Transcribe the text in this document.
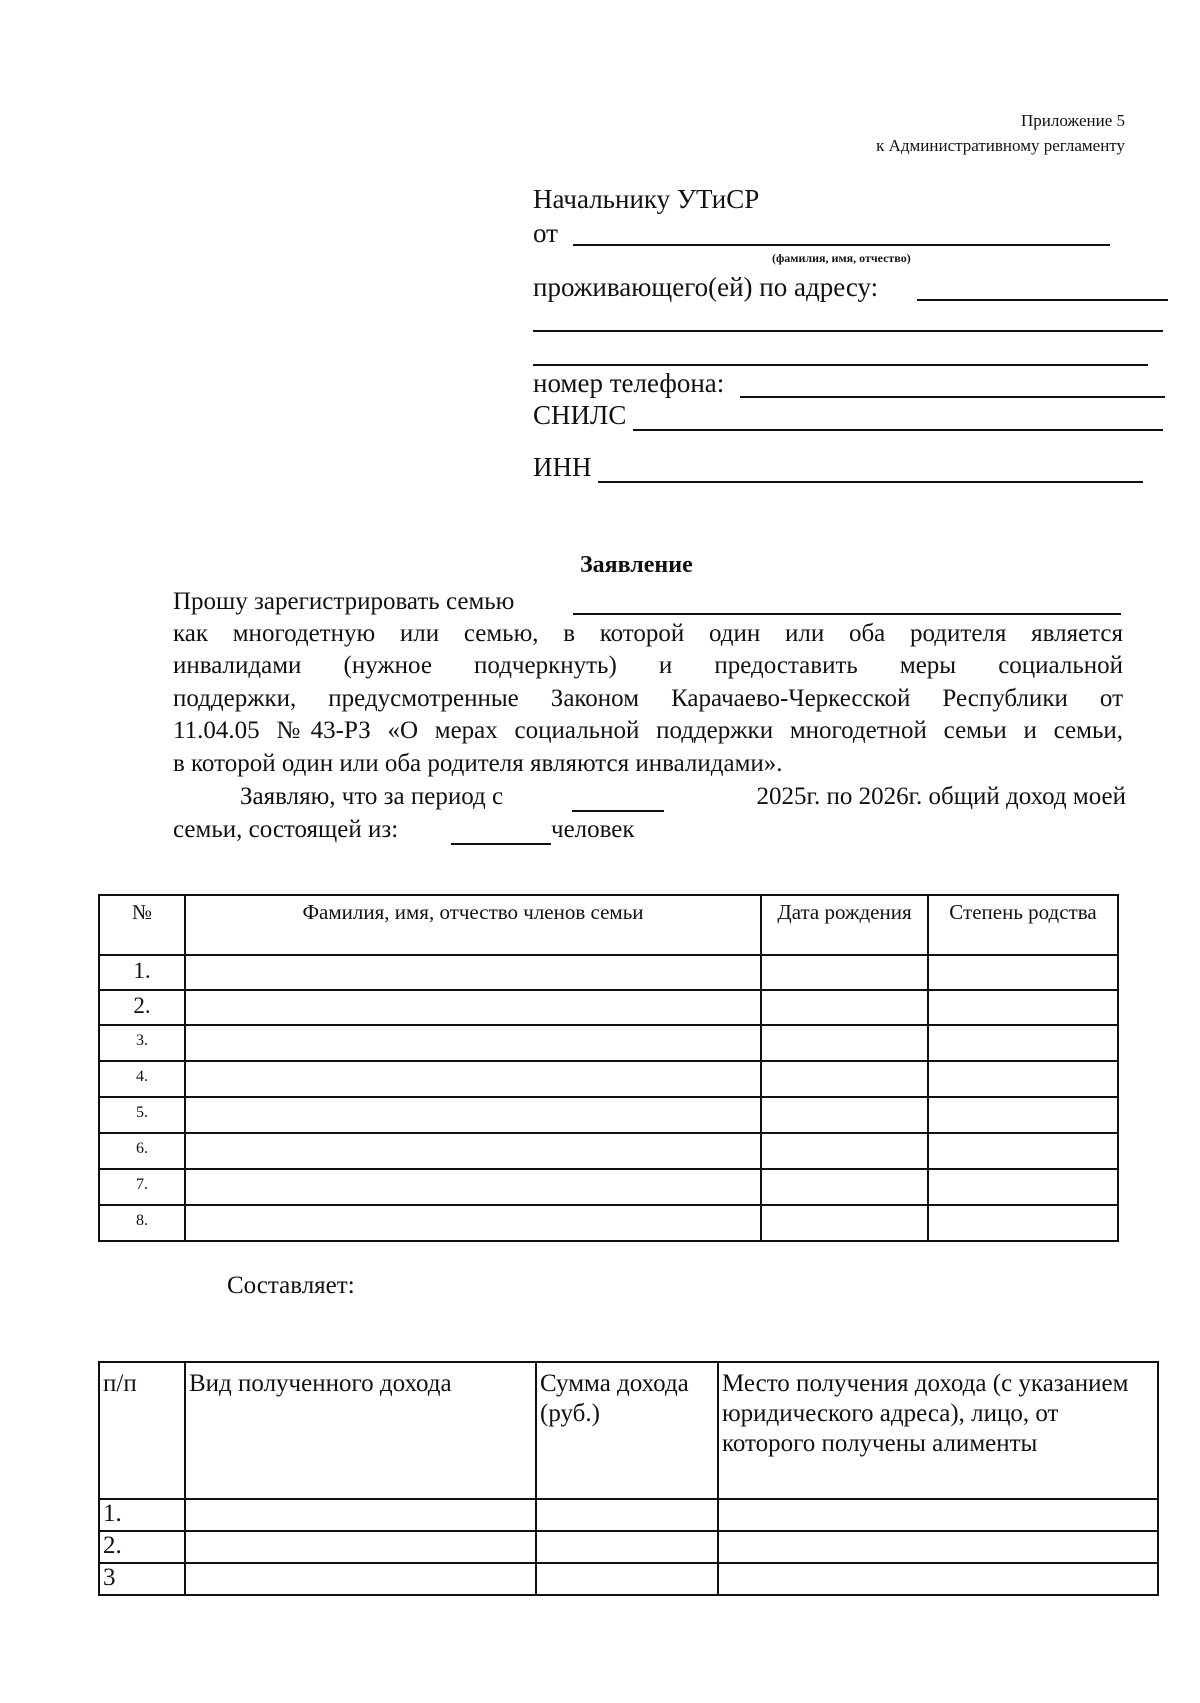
Приложение 5
к Административному регламенту
Начальнику УТиСР
от
(фамилия, имя, отчество)
проживающего(ей) по адресу:
номер телефона:
СНИЛС
ИНН
Заявление
Прошу зарегистрировать семью
как многодетную или семью, в которой один или оба родителя является
инвалидами (нужное подчеркнуть) и предоставить меры социальной
поддержки, предусмотренные Законом Карачаево-Черкесской Республики от
11.04.05 №43-РЗ «О мерах социальной поддержки многодетной семьи и семьи,
в которой один или оба родителя являются инвалидами».
Заявляю, что за период с	2025г. по 2026г. общий доход моей
семьи, состоящей из:	человек
№	Фамилия, имя, отчество членов семьи	Дата рождения	Степень родства
1.			
2.			
3.			
4.			
5.			
6.			
7.			
8.			
Составляет:
п/п	Вид полученного дохода	Сумма дохода (руб.)	Место получения дохода (с указанием юридического адреса), лицо, от которого получены алименты
1.			
2.			
3			
